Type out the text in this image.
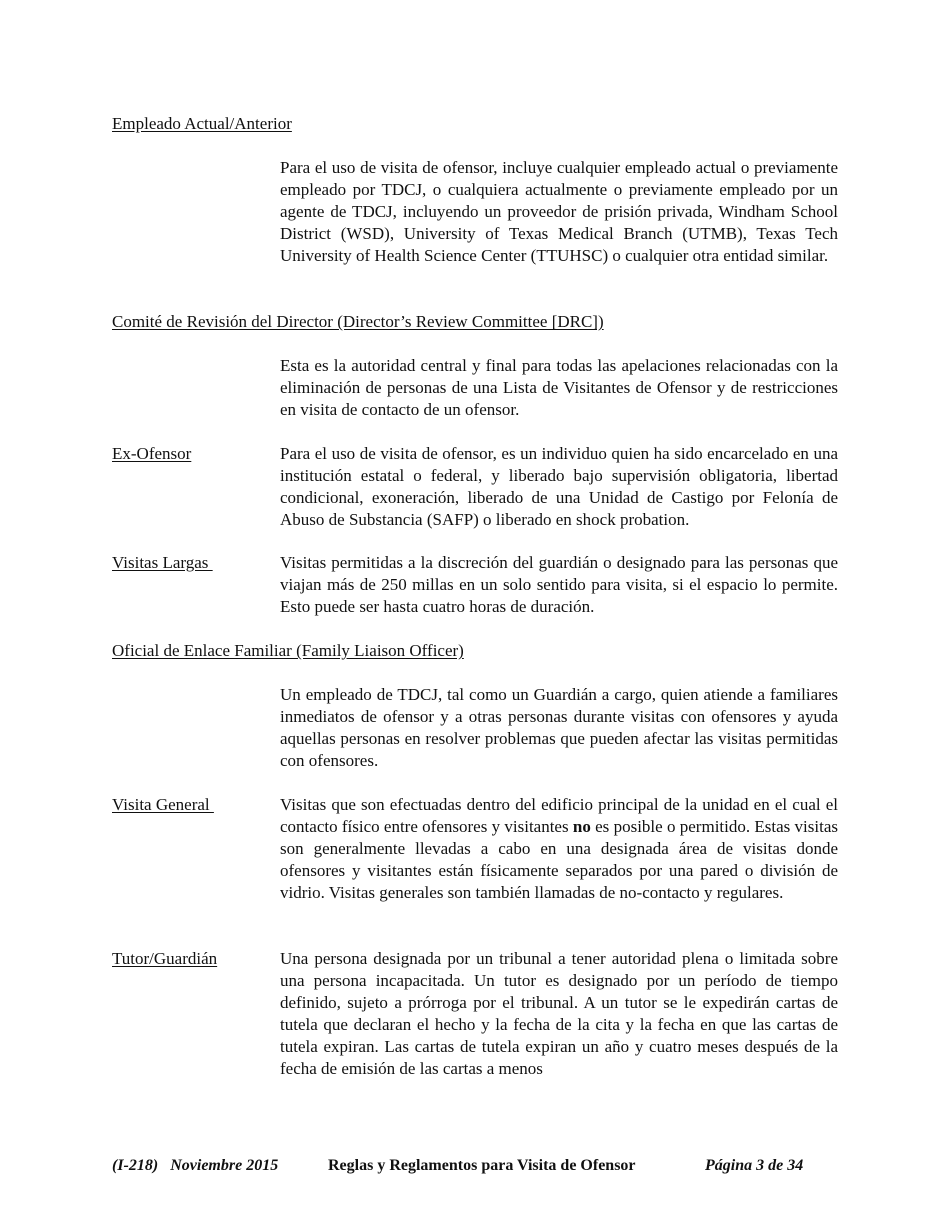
Empleado Actual/Anterior
Para el uso de visita de ofensor, incluye cualquier empleado actual o previamente empleado por TDCJ, o cualquiera actualmente o previamente empleado por un agente de TDCJ, incluyendo un proveedor de prisión privada, Windham School District (WSD), University of Texas Medical Branch (UTMB), Texas Tech University of Health Science Center (TTUHSC) o cualquier otra entidad similar.
Comité de Revisión del Director (Director’s Review Committee [DRC])
Esta es la autoridad central y final para todas las apelaciones relacionadas con la eliminación de personas de una Lista de Visitantes de Ofensor y de restricciones en visita de contacto de un ofensor.
Ex-Ofensor	Para el uso de visita de ofensor, es un individuo quien ha sido encarcelado en una institución estatal o federal, y liberado bajo supervisión obligatoria, libertad condicional, exoneración, liberado de una Unidad de Castigo por Felonía de Abuso de Substancia (SAFP) o liberado en shock probation.
Visitas Largas	Visitas permitidas a la discreción del guardián o designado para las personas que viajan más de 250 millas en un solo sentido para visita, si el espacio lo permite. Esto puede ser hasta cuatro horas de duración.
Oficial de Enlace Familiar (Family Liaison Officer)
Un empleado de TDCJ, tal como un Guardián a cargo, quien atiende a familiares inmediatos de ofensor y a otras personas durante visitas con ofensores y ayuda aquellas personas en resolver problemas que pueden afectar las visitas permitidas con ofensores.
Visita General	Visitas que son efectuadas dentro del edificio principal de la unidad en el cual el contacto físico entre ofensores y visitantes no es posible o permitido. Estas visitas son generalmente llevadas a cabo en una designada área de visitas donde ofensores y visitantes están físicamente separados por una pared o división de vidrio. Visitas generales son también llamadas de no-contacto y regulares.
Tutor/Guardián	Una persona designada por un tribunal a tener autoridad plena o limitada sobre una persona incapacitada. Un tutor es designado por un período de tiempo definido, sujeto a prórroga por el tribunal. A un tutor se le expedirán cartas de tutela que declaran el hecho y la fecha de la cita y la fecha en que las cartas de tutela expiran. Las cartas de tutela expiran un año y cuatro meses después de la fecha de emisión de las cartas a menos
(I-218)   Noviembre 2015	Reglas y Reglamentos para Visita de Ofensor	Página 3 de 34
